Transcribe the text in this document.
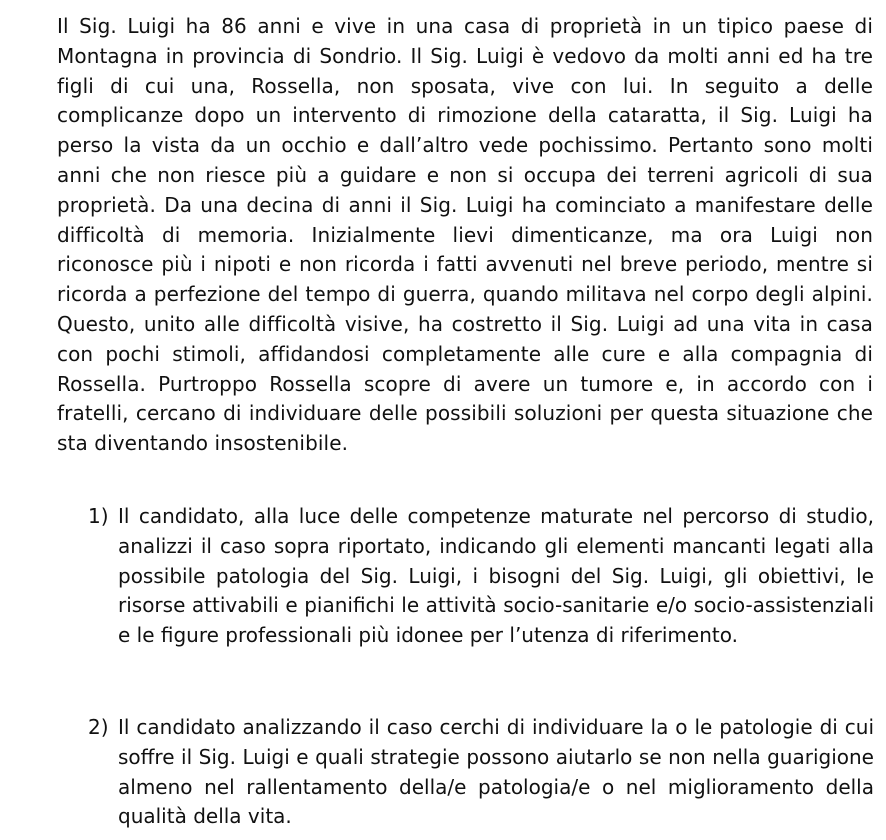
Il Sig. Luigi ha 86 anni e vive in una casa di proprietà in un tipico paese di Montagna in provincia di Sondrio. Il Sig. Luigi è vedovo da molti anni ed ha tre figli di cui una, Rossella, non sposata, vive con lui. In seguito a delle complicanze dopo un intervento di rimozione della cataratta, il Sig. Luigi ha perso la vista da un occhio e dall’altro vede pochissimo. Pertanto sono molti anni che non riesce più a guidare e non si occupa dei terreni agricoli di sua proprietà. Da una decina di anni il Sig. Luigi ha cominciato a manifestare delle difficoltà di memoria. Inizialmente lievi dimenticanze, ma ora Luigi non riconosce più i nipoti e non ricorda i fatti avvenuti nel breve periodo, mentre si ricorda a perfezione del tempo di guerra, quando militava nel corpo degli alpini. Questo, unito alle difficoltà visive, ha costretto il Sig. Luigi ad una vita in casa con pochi stimoli, affidandosi completamente alle cure e alla compagnia di Rossella. Purtroppo Rossella scopre di avere un tumore e, in accordo con i fratelli, cercano di individuare delle possibili soluzioni per questa situazione che sta diventando insostenibile.

1) Il candidato, alla luce delle competenze maturate nel percorso di studio, analizzi il caso sopra riportato, indicando gli elementi mancanti legati alla possibile patologia del Sig. Luigi, i bisogni del Sig. Luigi, gli obiettivi, le risorse attivabili e pianifichi le attività socio-sanitarie e/o socio-assistenziali e le figure professionali più idonee per l’utenza di riferimento.
2) Il candidato analizzando il caso cerchi di individuare la o le patologie di cui soffre il Sig. Luigi e quali strategie possono aiutarlo se non nella guarigione almeno nel rallentamento della/e patologia/e o nel miglioramento della qualità della vita.
